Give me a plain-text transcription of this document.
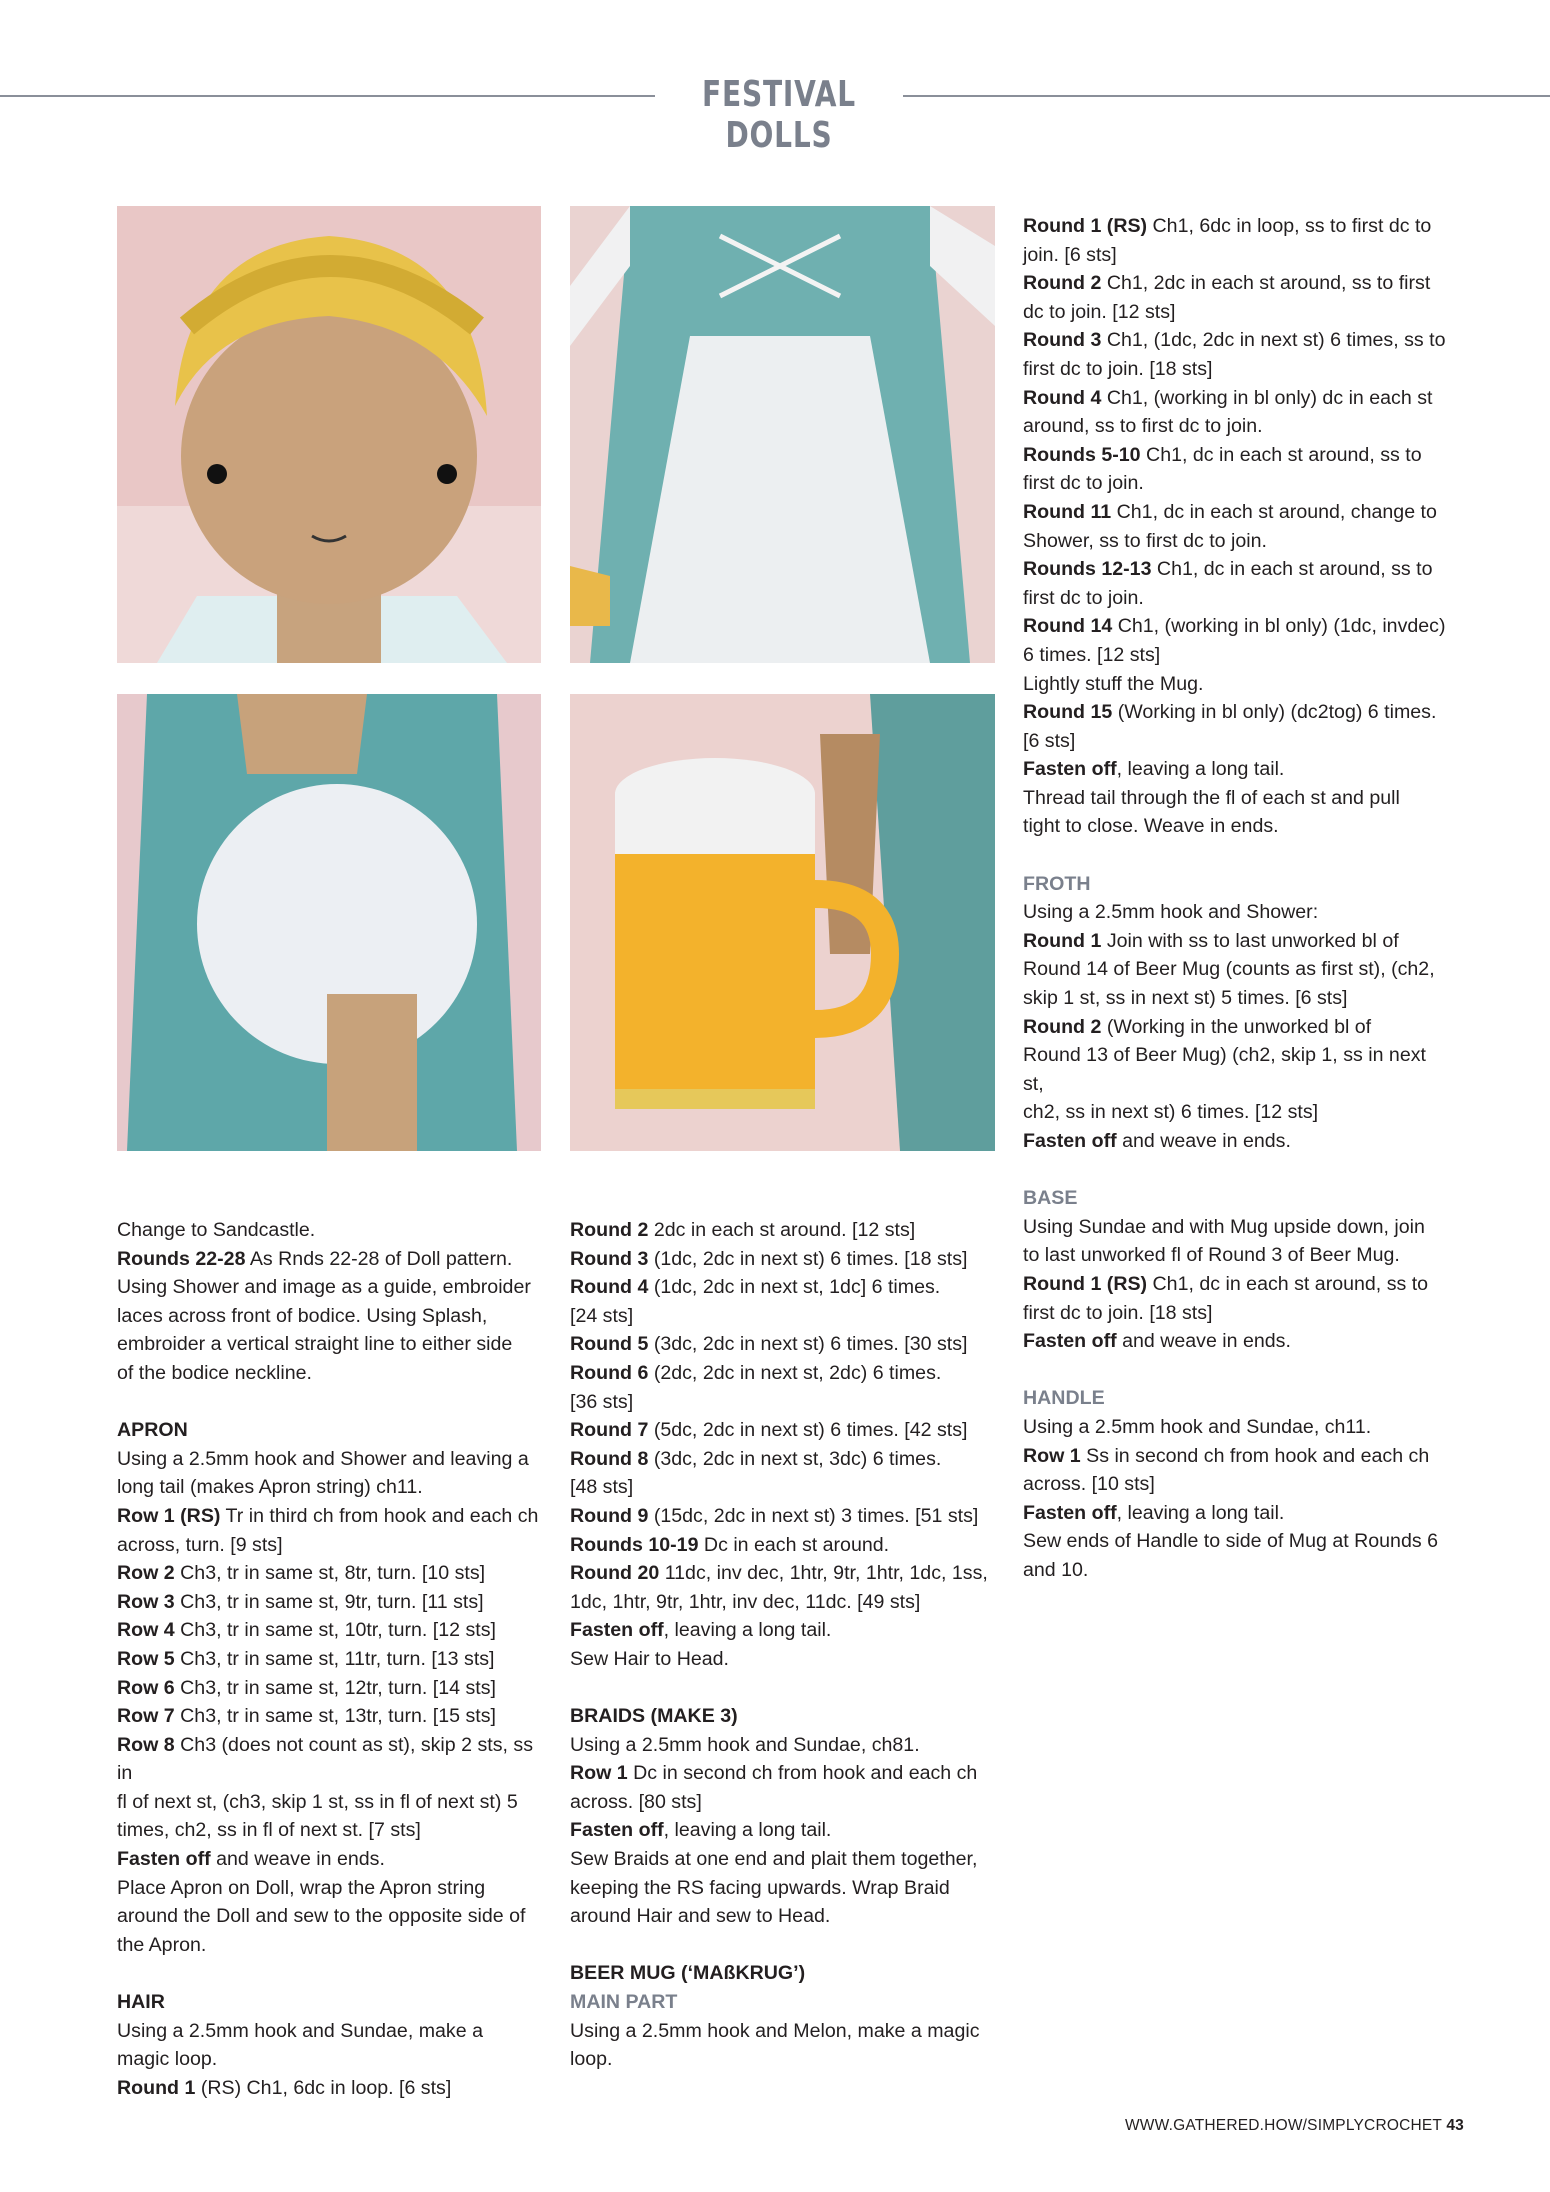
FESTIVAL DOLLS

Change to Sandcastle.

Rounds 22-28 As Rnds 22-28 of Doll pattern.

Using Shower and image as a guide, embroider

laces across front of bodice. Using Splash,

embroider a vertical straight line to either side

of the bodice neckline.

APRON

Using a 2.5mm hook and Shower and leaving a

long tail (makes Apron string) ch11.

Row 1 (RS) Tr in third ch from hook and each ch

across, turn. [9 sts]

Row 2 Ch3, tr in same st, 8tr, turn. [10 sts]

Row 3 Ch3, tr in same st, 9tr, turn. [11 sts]

Row 4 Ch3, tr in same st, 10tr, turn. [12 sts]

Row 5 Ch3, tr in same st, 11tr, turn. [13 sts]

Row 6 Ch3, tr in same st, 12tr, turn. [14 sts]

Row 7 Ch3, tr in same st, 13tr, turn. [15 sts]

Row 8 Ch3 (does not count as st), skip 2 sts, ss in

fl of next st, (ch3, skip 1 st, ss in fl of next st) 5

times, ch2, ss in fl of next st. [7 sts]

Fasten off and weave in ends.

Place Apron on Doll, wrap the Apron string

around the Doll and sew to the opposite side of

the Apron.

HAIR

Using a 2.5mm hook and Sundae, make a

magic loop.

Round 1 (RS) Ch1, 6dc in loop. [6 sts]

Round 2 2dc in each st around. [12 sts]

Round 3 (1dc, 2dc in next st) 6 times. [18 sts]

Round 4 (1dc, 2dc in next st, 1dc] 6 times.

[24 sts]

Round 5 (3dc, 2dc in next st) 6 times. [30 sts]

Round 6 (2dc, 2dc in next st, 2dc) 6 times.

[36 sts]

Round 7 (5dc, 2dc in next st) 6 times. [42 sts]

Round 8 (3dc, 2dc in next st, 3dc) 6 times.

[48 sts]

Round 9 (15dc, 2dc in next st) 3 times. [51 sts]

Rounds 10-19 Dc in each st around.

Round 20 11dc, inv dec, 1htr, 9tr, 1htr, 1dc, 1ss,

1dc, 1htr, 9tr, 1htr, inv dec, 11dc. [49 sts]

Fasten off, leaving a long tail.

Sew Hair to Head.

BRAIDS (MAKE 3)

Using a 2.5mm hook and Sundae, ch81.

Row 1 Dc in second ch from hook and each ch

across. [80 sts]

Fasten off, leaving a long tail.

Sew Braids at one end and plait them together,

keeping the RS facing upwards. Wrap Braid

around Hair and sew to Head.

BEER MUG (‘MAßKRUG’)

MAIN PART

Using a 2.5mm hook and Melon, make a magic

loop.

Round 1 (RS) Ch1, 6dc in loop, ss to first dc to

join. [6 sts]

Round 2 Ch1, 2dc in each st around, ss to first

dc to join. [12 sts]

Round 3 Ch1, (1dc, 2dc in next st) 6 times, ss to

first dc to join. [18 sts]

Round 4 Ch1, (working in bl only) dc in each st

around, ss to first dc to join.

Rounds 5-10 Ch1, dc in each st around, ss to

first dc to join.

Round 11 Ch1, dc in each st around, change to

Shower, ss to first dc to join.

Rounds 12-13 Ch1, dc in each st around, ss to

first dc to join.

Round 14 Ch1, (working in bl only) (1dc, invdec)

6 times. [12 sts]

Lightly stuff the Mug.

Round 15 (Working in bl only) (dc2tog) 6 times.

[6 sts]

Fasten off, leaving a long tail.

Thread tail through the fl of each st and pull

tight to close. Weave in ends.

FROTH

Using a 2.5mm hook and Shower:

Round 1 Join with ss to last unworked bl of

Round 14 of Beer Mug (counts as first st), (ch2,

skip 1 st, ss in next st) 5 times. [6 sts]

Round 2 (Working in the unworked bl of

Round 13 of Beer Mug) (ch2, skip 1, ss in next st,

ch2, ss in next st) 6 times. [12 sts]

Fasten off and weave in ends.

BASE

Using Sundae and with Mug upside down, join

to last unworked fl of Round 3 of Beer Mug.

Round 1 (RS) Ch1, dc in each st around, ss to

first dc to join. [18 sts]

Fasten off and weave in ends.

HANDLE

Using a 2.5mm hook and Sundae, ch11.

Row 1 Ss in second ch from hook and each ch

across. [10 sts]

Fasten off, leaving a long tail.

Sew ends of Handle to side of Mug at Rounds 6

and 10.

WWW.GATHERED.HOW/SIMPLYCROCHET 43
